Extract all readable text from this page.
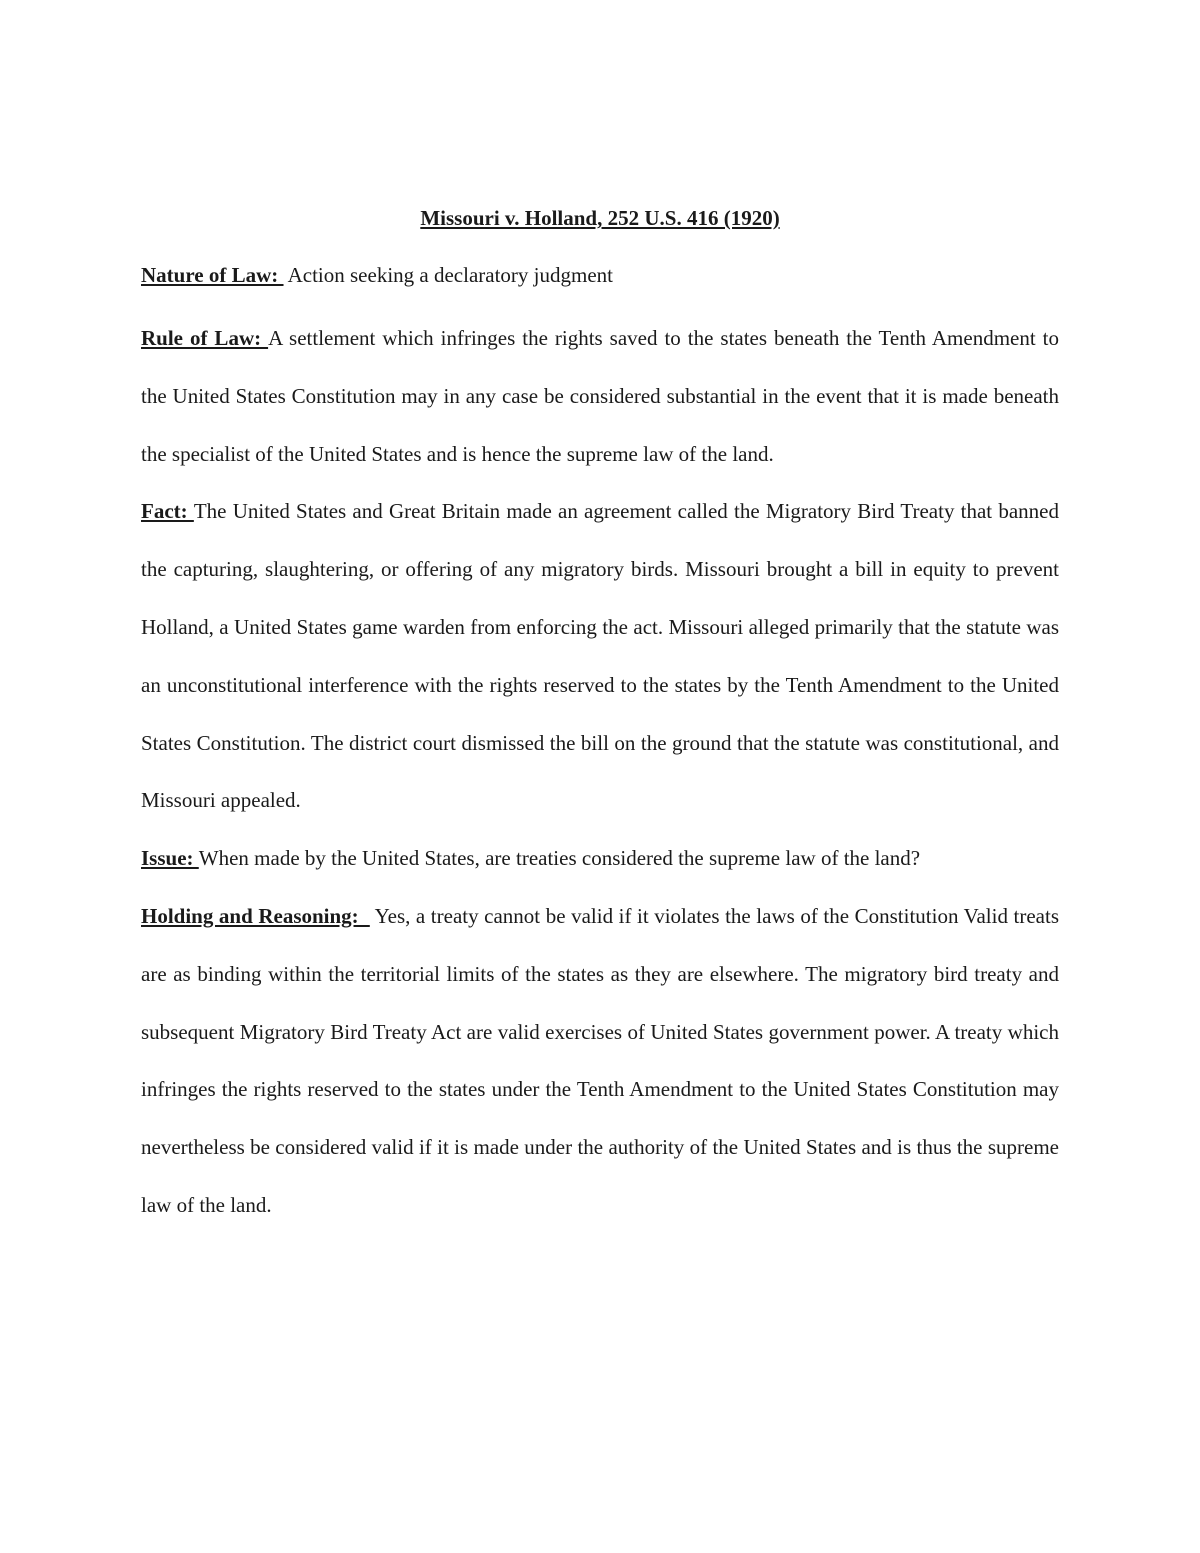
Missouri v. Holland, 252 U.S. 416 (1920)

Nature of Law:  Action seeking a declaratory judgment

Rule of Law: A settlement which infringes the rights saved to the states beneath the Tenth Amendment to the United States Constitution may in any case be considered substantial in the event that it is made beneath the specialist of the United States and is hence the supreme law of the land.

Fact: The United States and Great Britain made an agreement called the Migratory Bird Treaty that banned the capturing, slaughtering, or offering of any migratory birds. Missouri brought a bill in equity to prevent Holland, a United States game warden from enforcing the act. Missouri alleged primarily that the statute was an unconstitutional interference with the rights reserved to the states by the Tenth Amendment to the United States Constitution. The district court dismissed the bill on the ground that the statute was constitutional, and Missouri appealed.

Issue: When made by the United States, are treaties considered the supreme law of the land?

Holding and Reasoning:   Yes, a treaty cannot be valid if it violates the laws of the Constitution Valid treats are as binding within the territorial limits of the states as they are elsewhere. The migratory bird treaty and subsequent Migratory Bird Treaty Act are valid exercises of United States government power. A treaty which infringes the rights reserved to the states under the Tenth Amendment to the United States Constitution may nevertheless be considered valid if it is made under the authority of the United States and is thus the supreme law of the land.
